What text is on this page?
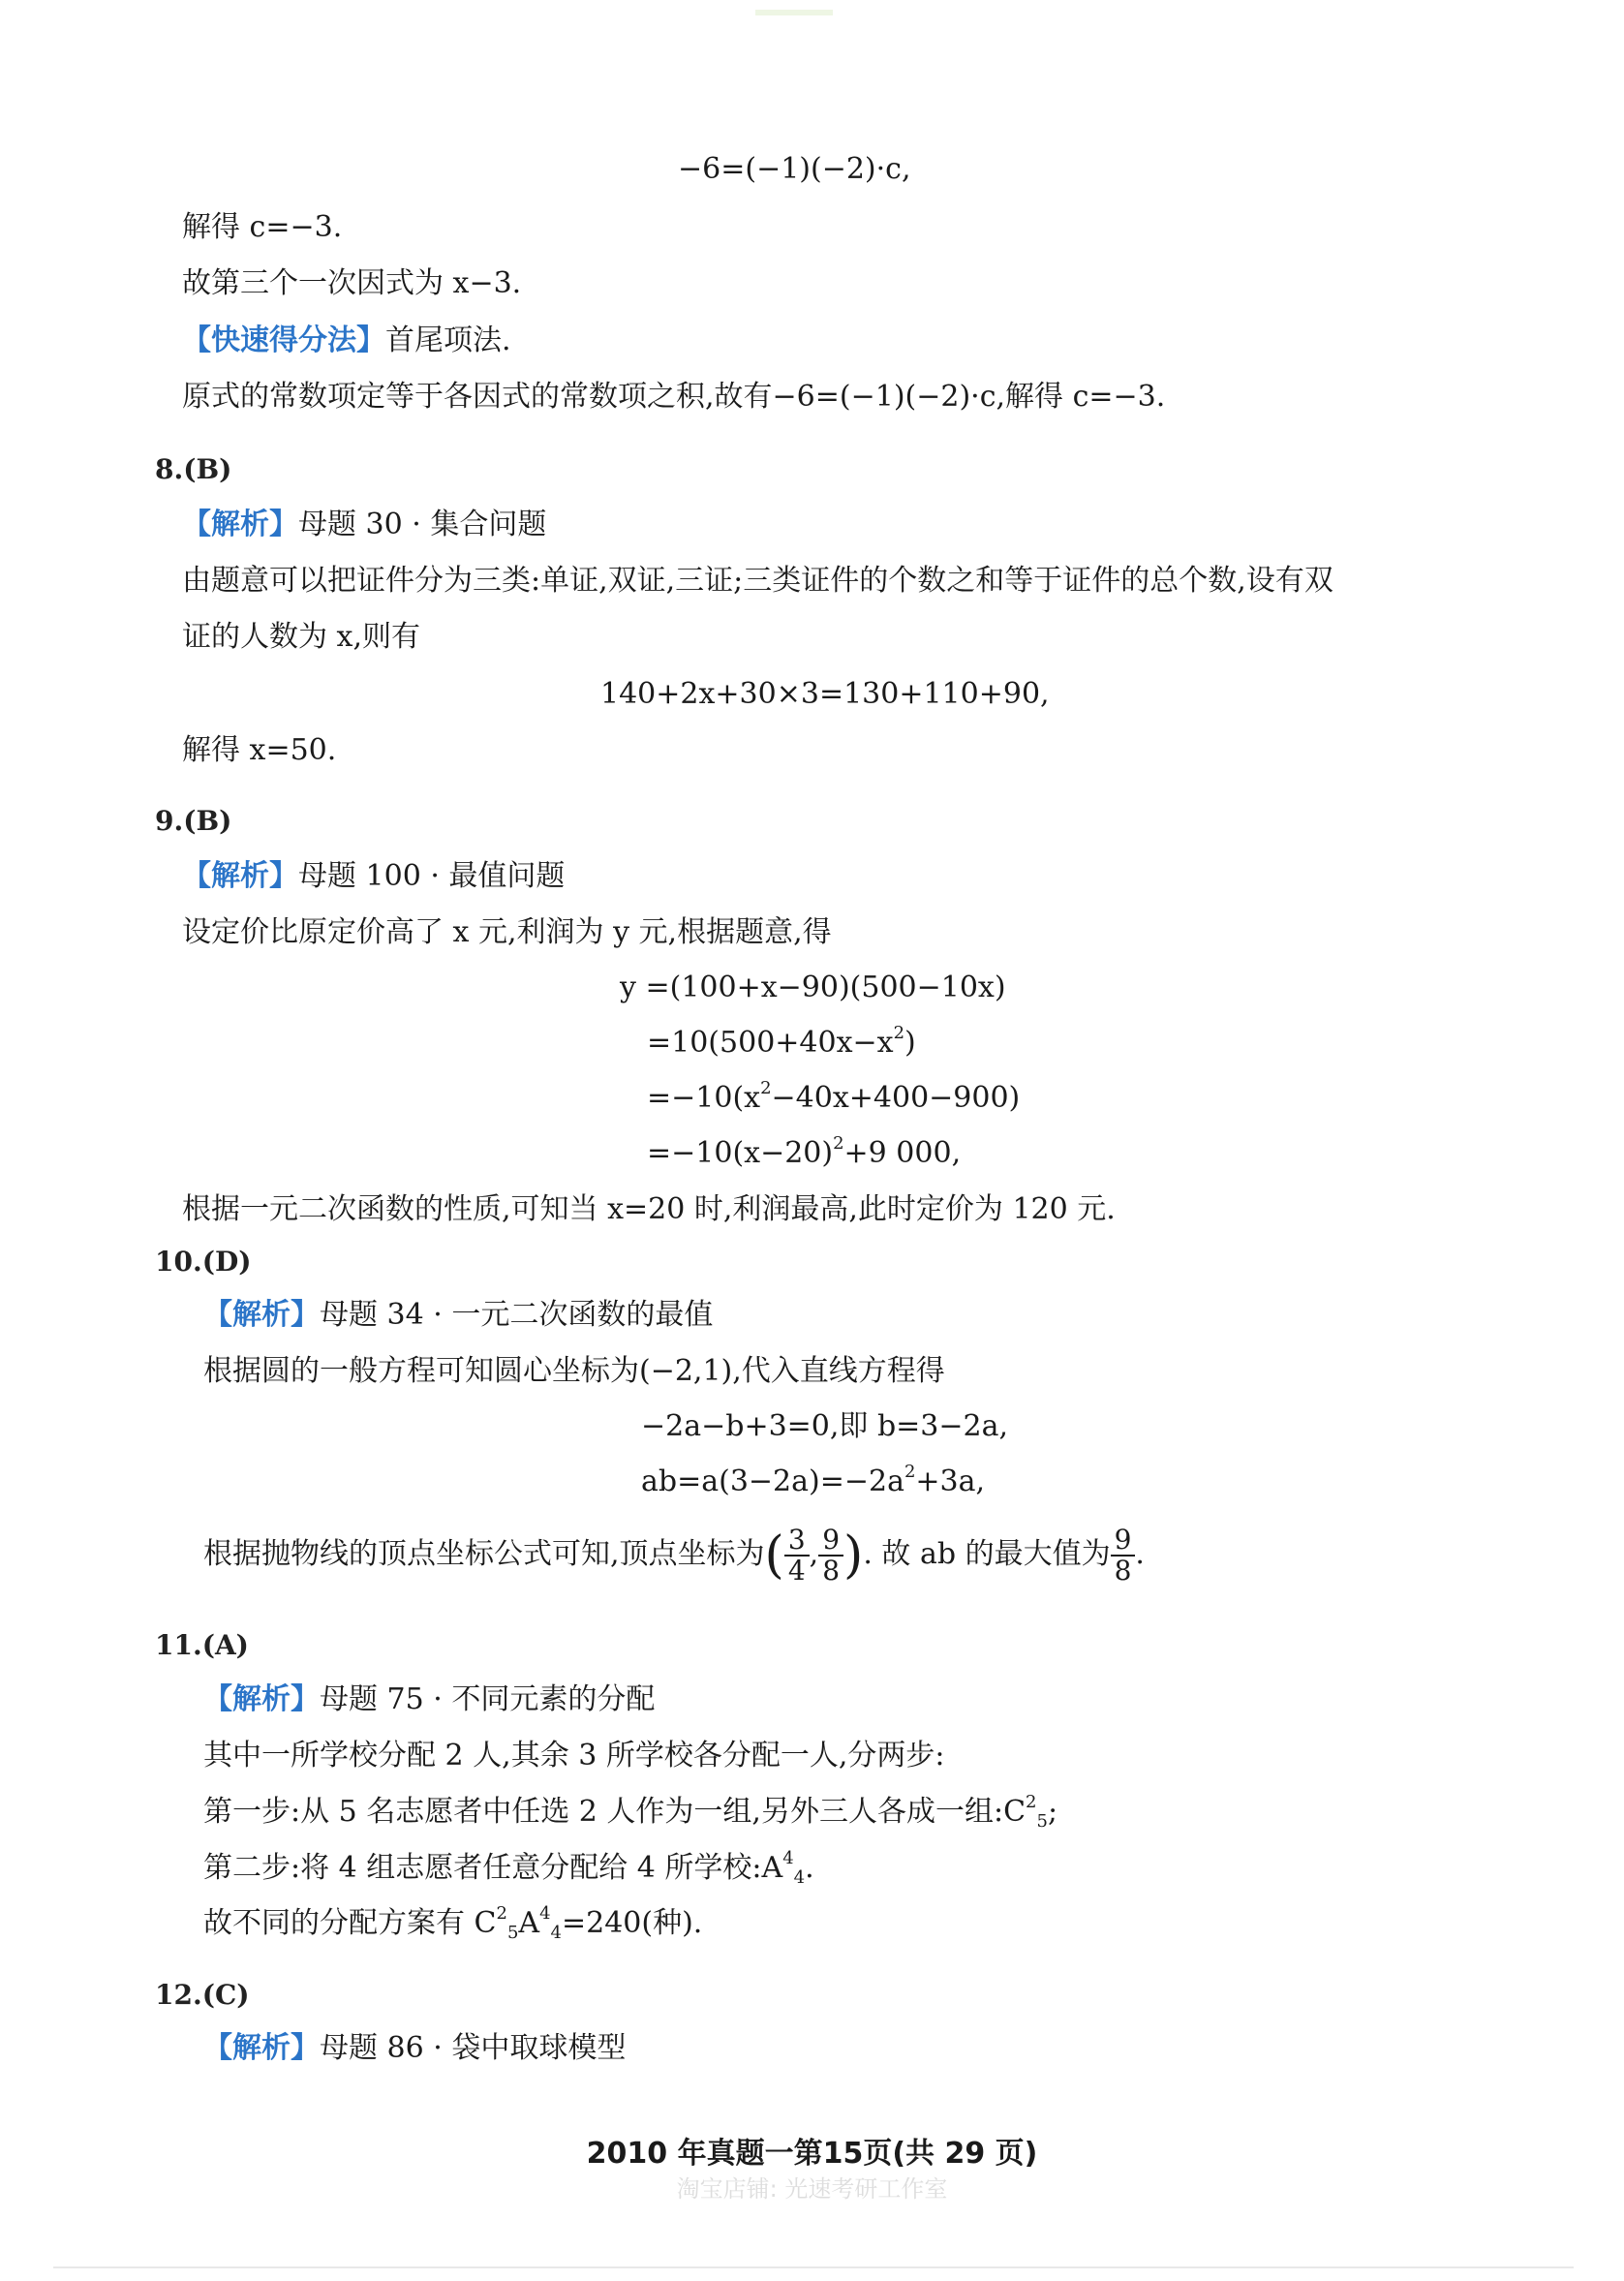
−6=(−1)(−2)·c,
解得 c=−3.
故第三个一次因式为 x−3.
【快速得分法】首尾项法.
原式的常数项定等于各因式的常数项之积,故有−6=(−1)(−2)·c,解得 c=−3.
8.(B)
【解析】母题 30 · 集合问题
由题意可以把证件分为三类:单证,双证,三证;三类证件的个数之和等于证件的总个数,设有双
证的人数为 x,则有
140+2x+30×3=130+110+90,
解得 x=50.
9.(B)
【解析】母题 100 · 最值问题
设定价比原定价高了 x 元,利润为 y 元,根据题意,得
y =(100+x−90)(500−10x)
$=10(500+40x-x^2)$
$=-10(x^2-40x+400-900)$
$=-10(x-20)^2+9$ 000,
根据一元二次函数的性质,可知当 x=20 时,利润最高,此时定价为 120 元.
10.(D)
【解析】母题 34 · 一元二次函数的最值
根据圆的一般方程可知圆心坐标为(−2,1),代入直线方程得
−2a−b+3=0,即 b=3−2a,
$ab=a(3-2a)=-2a^2+3a$,
根据抛物线的顶点坐标公式可知,顶点坐标为( $\frac{3}{4}$ , $\frac{9}{8}$ ). 故 ab 的最大值为 $\frac{9}{8}$ .
11.(A)
【解析】母题 75 · 不同元素的分配
其中一所学校分配 2 人,其余 3 所学校各分配一人,分两步:
第一步:从 5 名志愿者中任选 2 人作为一组,另外三人各成一组$:C^2_5$;
第二步:将 4 组志愿者任意分配给 4 所学校$:A^4_4$.
故不同的分配方案有 $C^2_5A^4_4=240$(种).
12.(C)
【解析】母题 86 · 袋中取球模型
2010 年真题一第15页(共 29 页)
淘宝店铺: 光速考研工作室
